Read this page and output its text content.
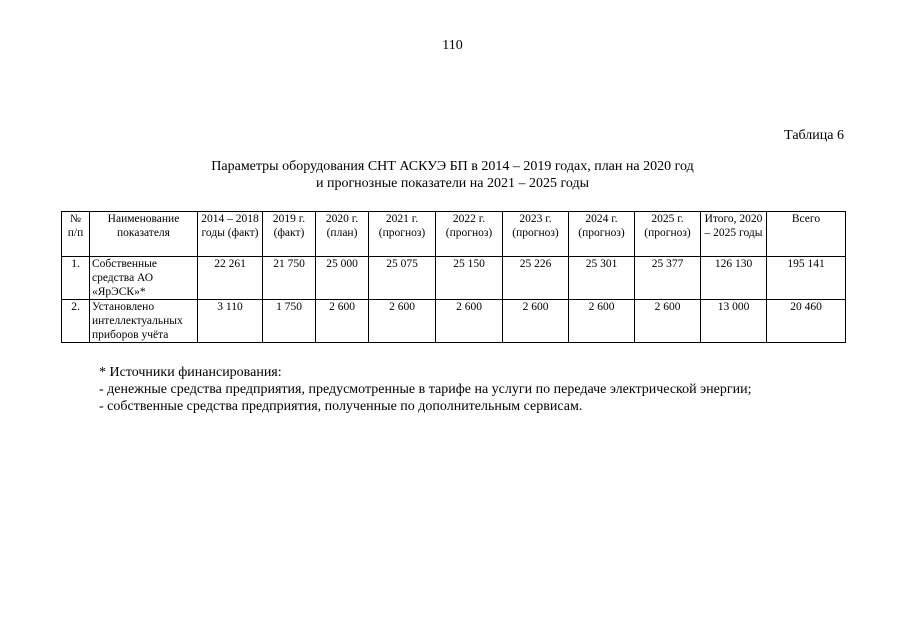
110
Таблица 6
Параметры оборудования СНТ АСКУЭ БП в 2014 – 2019 годах, план на 2020 год
и прогнозные показатели на 2021 – 2025 годы
№ п/п	Наименование показателя	2014 – 2018 годы (факт)	2019 г. (факт)	2020 г. (план)	2021 г. (прогноз)	2022 г. (прогноз)	2023 г. (прогноз)	2024 г. (прогноз)	2025 г. (прогноз)	Итого, 2020 – 2025 годы	Всего
1.	Собственные средства АО «ЯрЭСК»*	22 261	21 750	25 000	25 075	25 150	25 226	25 301	25 377	126 130	195 141
2.	Установлено интеллектуальных приборов учёта	3 110	1 750	2 600	2 600	2 600	2 600	2 600	2 600	13 000	20 460
* Источники финансирования:
- денежные средства предприятия, предусмотренные в тарифе на услуги по передаче электрической энергии;
- собственные средства предприятия, полученные по дополнительным сервисам.
